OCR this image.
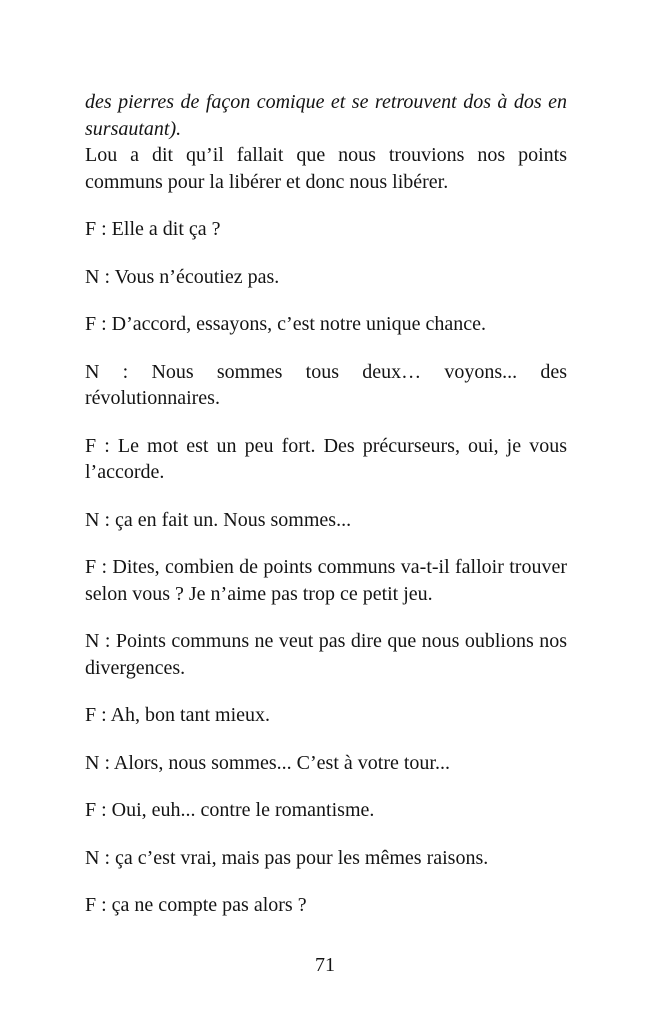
des pierres de façon comique et se retrouvent dos à dos en sursautant).

Lou a dit qu’il fallait que nous trouvions nos points communs pour la libérer et donc nous libérer.

F : Elle a dit ça ?

N : Vous n’écoutiez pas.

F : D’accord, essayons, c’est notre unique chance.

N : Nous sommes tous deux… voyons... des révolutionnaires.

F : Le mot est un peu fort. Des précurseurs, oui, je vous l’accorde.

N : ça en fait un. Nous sommes...

F : Dites, combien de points communs va-t-il falloir trouver selon vous ? Je n’aime pas trop ce petit jeu.

N : Points communs ne veut pas dire que nous oublions nos divergences.

F : Ah, bon tant mieux.

N : Alors, nous sommes... C’est à votre tour...

F : Oui, euh... contre le romantisme.

N : ça c’est vrai, mais pas pour les mêmes raisons.

F : ça ne compte pas alors ?

71
